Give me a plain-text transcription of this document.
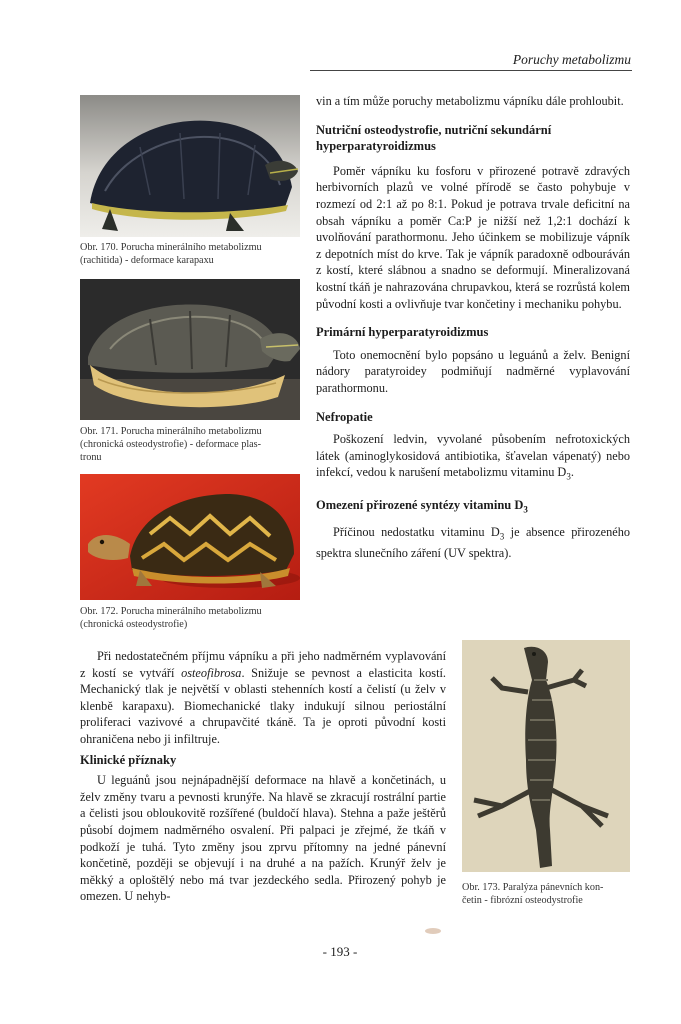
Poruchy metabolizmu
Obr. 170. Porucha minerálního metabolizmu
(rachitida) - deformace karapaxu
Obr. 171. Porucha minerálního metabolizmu
(chronická osteodystrofie) - deformace plas-
tronu
Obr. 172. Porucha minerálního metabolizmu
(chronická osteodystrofie)

vin a tím může poruchy metabolizmu vápníku dále prohloubit.

Nutriční osteodystrofie, nutriční sekundární hyperparatyroidizmus

Poměr vápníku ku fosforu v přirozené potravě zdravých herbivorních plazů ve volné přírodě se často pohybuje v rozmezí od 2:1 až po 8:1. Pokud je potrava trvale deficitní na obsah vápníku a poměr Ca:P je nižší než 1,2:1 dochází k uvolňování parathormonu. Jeho účinkem se mobilizuje vápník z depotních míst do krve. Tak je vápník paradoxně odbouráván z kostí, které slábnou a snadno se deformují. Mineralizovaná kostní tkáň je nahrazována chrupavkou, která se rozrůstá kolem původní kosti a ovlivňuje tvar končetiny i mechaniku pohybu.

Primární hyperparatyroidizmus

Toto onemocnění bylo popsáno u leguánů a želv. Benigní nádory paratyroidey podmiňují nadměrné vyplavování parathormonu.

Nefropatie

Poškození ledvin, vyvolané působením nefrotoxických látek (aminoglykosidová antibiotika, šťavelan vápenatý) nebo infekcí, vedou k narušení metabolizmu vitaminu $D_3$.

Omezení přirozené syntézy vitaminu $D_3$

Příčinou nedostatku vitaminu $D_3$ je absence přirozeného spektra slunečního záření (UV spektra).

Při nedostatečném příjmu vápníku a při jeho nadměrném vyplavování z kostí se vytváří osteofibrosa. Snižuje se pevnost a elasticita kostí. Mechanický tlak je největší v oblasti stehenních kostí a čelistí (u želv v klenbě karapaxu). Biomechanické tlaky indukují silnou periostální proliferaci vazivové a chrupavčité tkáně. Ta je oproti původní kosti ohraničena nebo ji infiltruje.

Klinické příznaky

U leguánů jsou nejnápadnější deformace na hlavě a končetinách, u želv změny tvaru a pevnosti krunýře. Na hlavě se zkracují rostrální partie a čelisti jsou obloukovitě rozšířené (buldočí hlava). Stehna a paže ještěrů působí dojmem nadměrného osvalení. Při palpaci je zřejmé, že tkáň v podkoží je tuhá. Tyto změny jsou zprvu přítomny na jedné pánevní končetině, později se objevují i na druhé a na pažích. Krunýř želv je měkký a oploštělý nebo má tvar jezdeckého sedla. Přirozený pohyb je omezen. U nehyb-

Obr. 173. Paralýza pánevních kon-
četin - fibrózní osteodystrofie
- 193 -
